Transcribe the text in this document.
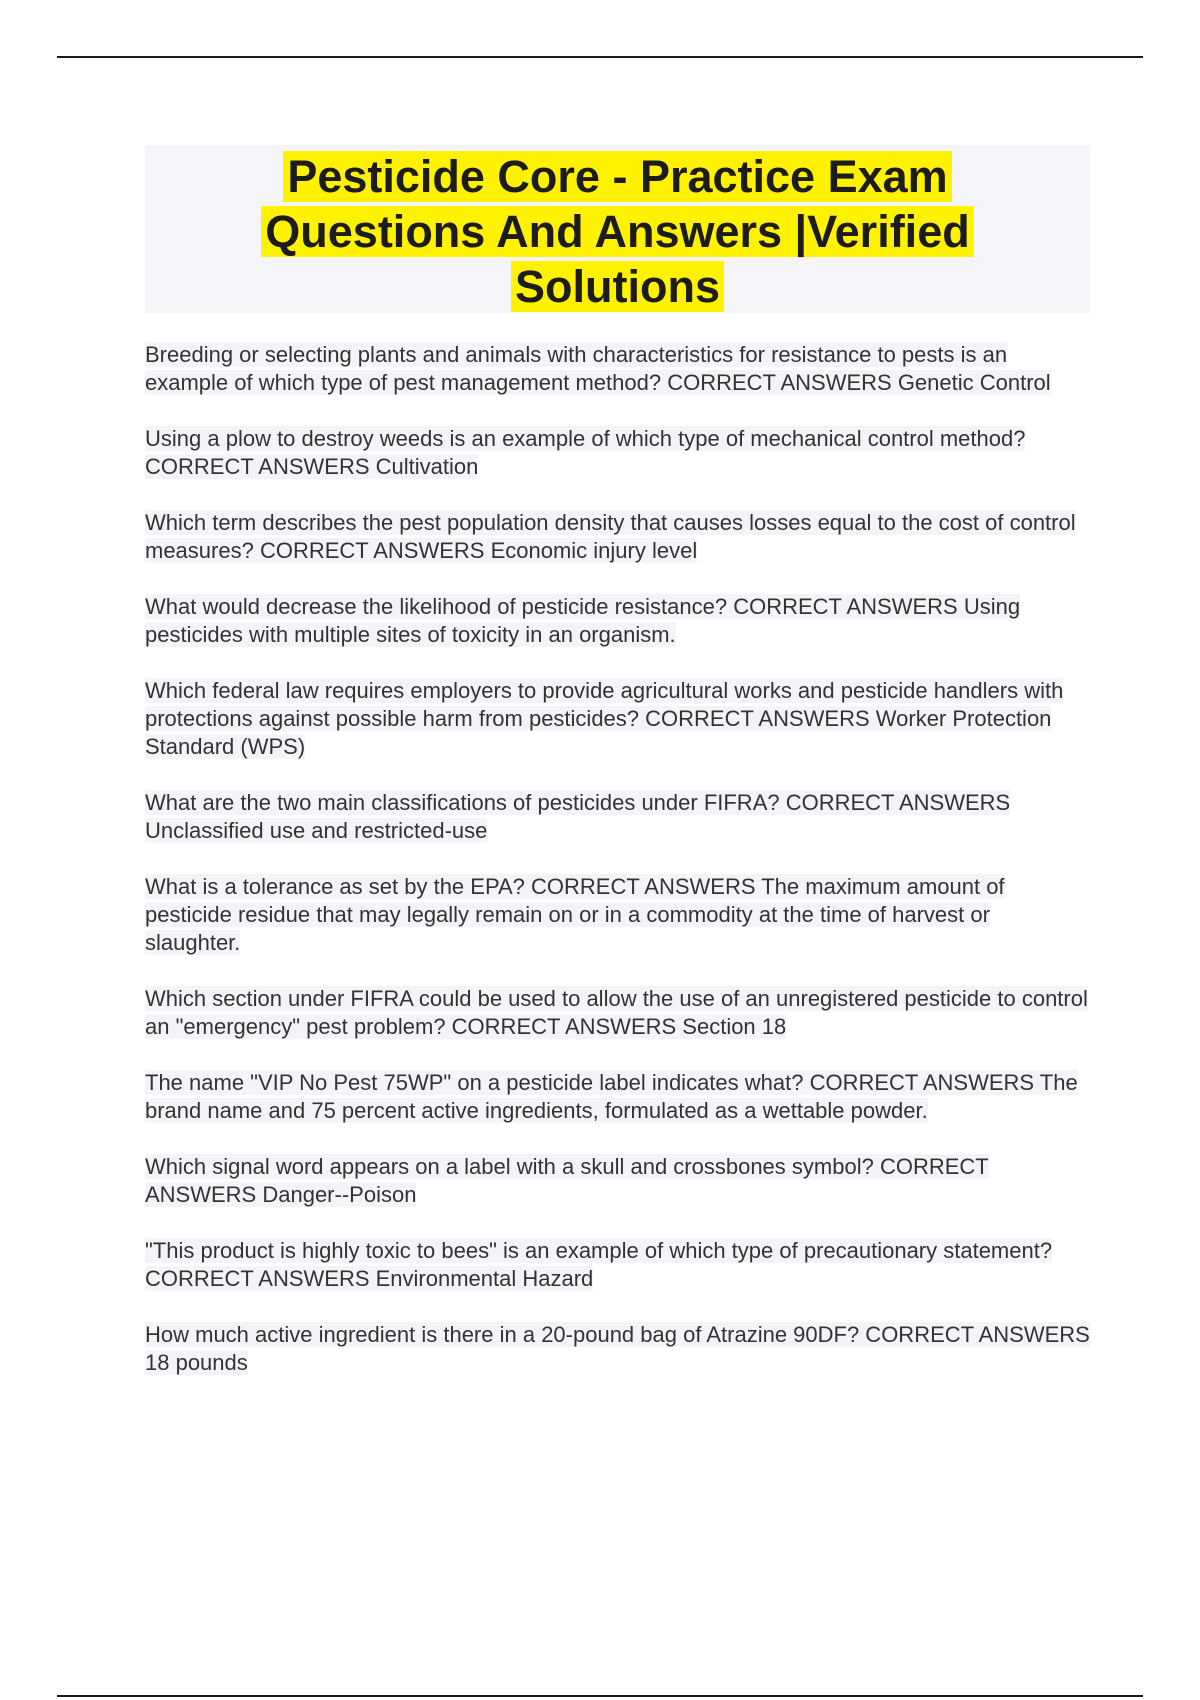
Pesticide Core - Practice Exam
Questions And Answers |Verified
Solutions

Breeding or selecting plants and animals with characteristics for resistance to pests is an example of which type of pest management method? CORRECT ANSWERS Genetic Control

Using a plow to destroy weeds is an example of which type of mechanical control method? CORRECT ANSWERS Cultivation

Which term describes the pest population density that causes losses equal to the cost of control measures? CORRECT ANSWERS Economic injury level

What would decrease the likelihood of pesticide resistance? CORRECT ANSWERS Using pesticides with multiple sites of toxicity in an organism.

Which federal law requires employers to provide agricultural works and pesticide handlers with protections against possible harm from pesticides? CORRECT ANSWERS Worker Protection Standard (WPS)

What are the two main classifications of pesticides under FIFRA? CORRECT ANSWERS Unclassified use and restricted-use

What is a tolerance as set by the EPA? CORRECT ANSWERS The maximum amount of pesticide residue that may legally remain on or in a commodity at the time of harvest or slaughter.

Which section under FIFRA could be used to allow the use of an unregistered pesticide to control an "emergency" pest problem? CORRECT ANSWERS Section 18

The name "VIP No Pest 75WP" on a pesticide label indicates what? CORRECT ANSWERS The brand name and 75 percent active ingredients, formulated as a wettable powder.

Which signal word appears on a label with a skull and crossbones symbol? CORRECT ANSWERS Danger--Poison

"This product is highly toxic to bees" is an example of which type of precautionary statement? CORRECT ANSWERS Environmental Hazard

How much active ingredient is there in a 20-pound bag of Atrazine 90DF? CORRECT ANSWERS 18 pounds
